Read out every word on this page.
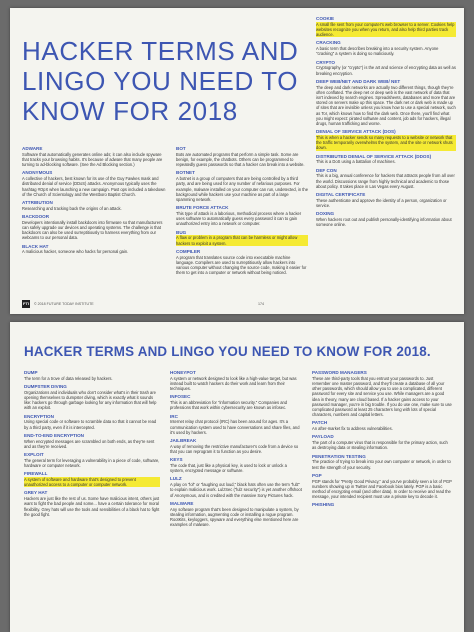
HACKER TERMS AND LINGO YOU NEED TO KNOW FOR 2018
ADWARE
Software that automatically generates online ads; it can also include spyware that tracks your browsing habits. It's because of adware that many people are turning to ad-blocking software. (See the Ad Blocking section.)
ANONYMOUS
A collective of hackers, best known for its use of the Guy Fawkes mask and distributed denial of service (DDoS) attacks. Anonymous typically uses the hashtag #OpX when launching a new campaign. Past ops included a takedown of the Church of Scientology and the Westboro Baptist Church.
ATTRIBUTION
Researching and tracking back the origins of an attack.
BACKDOOR
Developers intentionally install backdoors into firmware so that manufacturers can safely upgrade our devices and operating systems. The challenge is that backdoors can also be used surreptitiously to harness everything from our webcams to our personal data.
BLACK HAT
A malicious hacker, someone who hacks for personal gain.
BOT
Bots are automated programs that perform a simple task. Some are benign, for example, the chatbots. Others can be programmed to repeatedly guess passwords so that a hacker can break into a website.
BOTNET
A botnet is a group of computers that are being controlled by a third party, and are being used for any number of nefarious purposes. For example, malware installed on your computer can run, undetected, in the background while hackers use your machine as part of a large spamming network.
BRUTE FORCE ATTACK
This type of attack is a laborious, methodical process where a hacker uses software to automatically guess every password it can to gain unauthorized entry into a network or computer.
BUG
A flaw or problem in a program that can be harmless or might allow hackers to exploit a system.
COMPILER
A program that translates source code into executable machine language. Compilers are used to surreptitiously allow hackers into various computer without changing the source code, making it easier for them to get into a computer or network without being noticed.
COOKIE
A small file sent from your computer's web browser to a server. Cookies help websites recognize you when you return, and also help third parties track audience.
CRACKING
A basic term that describes breaking into a security system. Anyone "cracking" a system is doing so maliciously.
CRYPTO
Cryptography (or "crypto") is the art and science of encrypting data as well as breaking encryption.
DEEP WEB/NET AND DARK WEB/ NET
The deep and dark networks are actually two different things, though they're often conflated. The deep net or deep web is the vast network of data that isn't indexed by search engines. Spreadsheets, databases and more that are stored on servers make up this space. The dark net or dark web is made up of sites that are invisible unless you know how to use a special network, such as Tor, which knows how to find the dark web. Once there, you'll find what you might expect: pirated software and content, job ads for hackers, illegal drugs, human trafficking and worse.
DENIAL OF SERVICE ATTACK (DOS)
This is when a hacker sends so many requests to a website or network that the traffic temporarily overwhelms the system, and the site or network shuts down.
DISTRIBUTED DENIAL OF SERVICE ATTACK (DDOS)
This is a DoS using a battalion of machines.
DEF CON
This is a big, annual conference for hackers that attracts people from all over the world. Discussions range from highly technical and academic to those about policy. It takes place in Las Vegas every August.
DIGITAL CERTIFICATE
These authenticate and approve the identity of a person, organization or service.
DOXING
When hackers root out and publish personally-identifying information about someone online.
FTI © 2018 FUTURE TODAY INSTITUTE	174
HACKER TERMS AND LINGO YOU NEED TO KNOW FOR 2018.
DUMP
The term for a trove of data released by hackers.
DUMPSTER DIVING
Organizations and individuals who don't consider what's in their trash are opening themselves to dumpster diving, which is exactly what it sounds like: hackers go through garbage looking for any information that will help with an exploit.
ENCRYPTION
Using special code or software to scramble data so that it cannot be read by a third party, even if it is intercepted.
END-TO-END ENCRYPTION
When encrypted messages are scrambled on both ends, as they're sent and as they're received.
EXPLOIT
The general term for leveraging a vulnerability in a piece of code, software, hardware or computer network.
FIREWALL
A system of software and hardware that's designed to prevent unauthorized access to a computer or computer network.
GREY HAT
Hackers are just like the rest of us. Some have malicious intent, others just want to fight the bad people and some... have a certain tolerance for moral flexibility. Grey hats will use the tools and sensibilities of a black hat to fight the good fight.
HONEYPOT
A system or network designed to look like a high-value target, but was instead built to watch hackers do their work and learn from their techniques.
INFOSEC
This is an abbreviation for "information security." Companies and professions that work within cybersecurity are known as infosec.
IRC
Internet relay chat protocol (IRC) has been around for ages. It's a communication system used to have conversations and share files, and it's used by hackers.
JAILBREAK
A way of removing the restrictive manufacturer's code from a device so that you can reprogram it to function as you desire.
KEYS
The code that, just like a physical key, is used to lock or unlock a system, encrypted message or software.
LULZ
A play on "lol" or "laughing out loud," black hats often use the term "lulz" to explain malicious work. LulzSec ("lulz security") is yet another offshoot of Anonymous, and is credited with the massive Sony Pictures hack.
MALWARE
Any software program that's been designed to manipulate a system, by stealing information, augmenting code or installing a rogue program. RootKits, keyloggers, spyware and everything else mentioned here are examples of malware.
PASSWORD MANAGERS
These are third-party tools that you entrust your passwords to. Just remember one master password, and they'll create a database of all your other passwords, which should allow you to use a complicated, different password for every site and service you use. While managers are a good idea in theory, many are cloud based. If a hacker gains access to your password manager, you're in big trouble. If you do use one, make sure to use complicated password at least 25 characters long with lots of special characters, numbers and capital letters.
PATCH
An after-market fix to address vulnerabilities.
PAYLOAD
The part of a computer virus that is responsible for the primary action, such as destroying data or stealing information.
PENETRATION TESTING
The practice of trying to break into your own computer or network, in order to test the strength of your security.
PGP
PGP stands for "Pretty Good Privacy," and you've probably seen a lot of PGP numbers showing up in Twitter and Facebook bios lately. PGP is a basic method of encrypting email (and other data). In order to receive and read the message, your intended recipient must use a private key to decode it.
PHISHING
